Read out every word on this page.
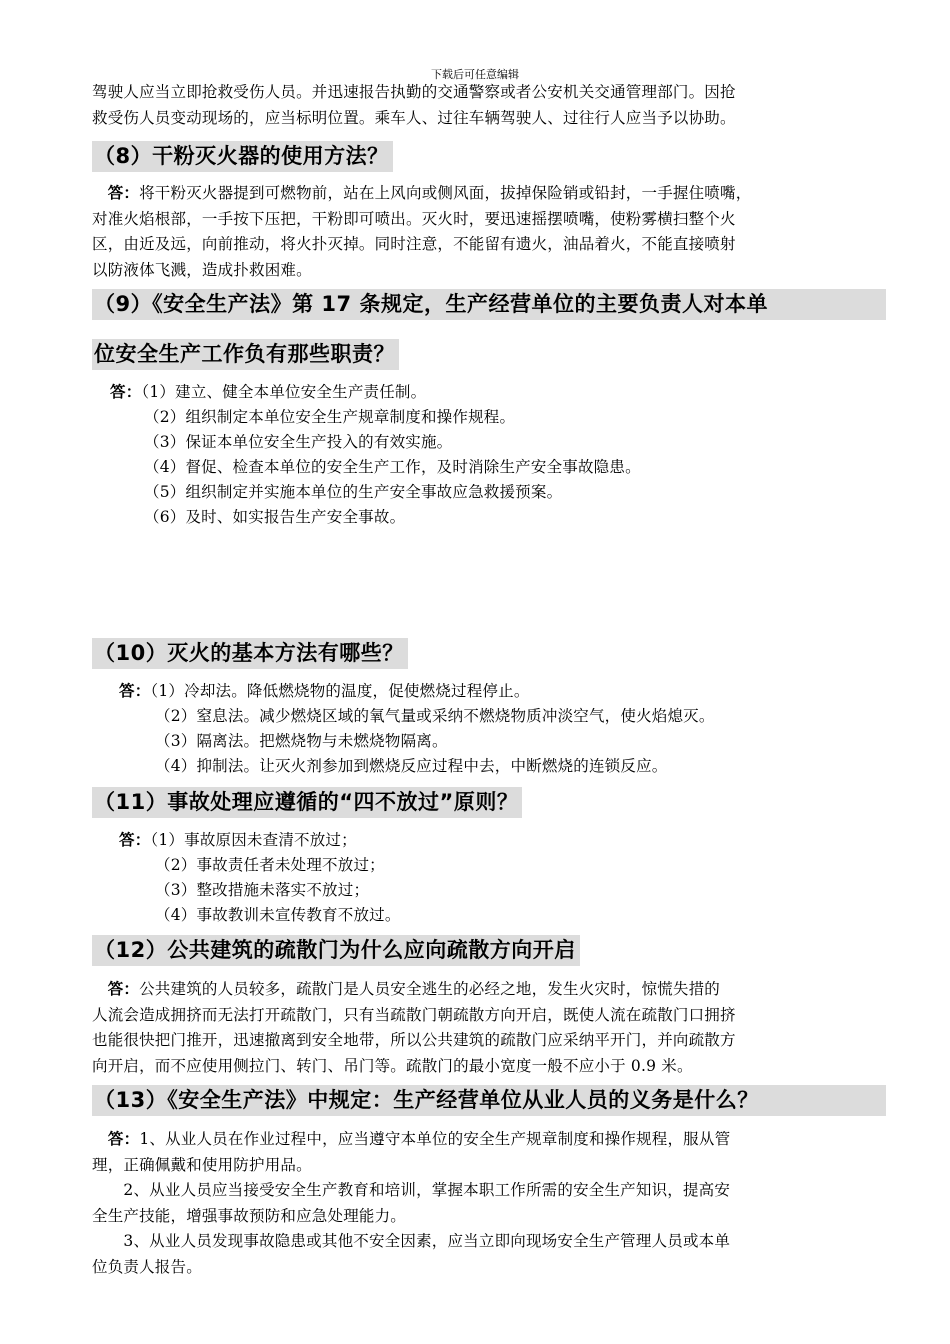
下载后可任意编辑
驾驶人应当立即抢救受伤人员。并迅速报告执勤的交通警察或者公安机关交通管理部门。因抢
救受伤人员变动现场的，应当标明位置。乘车人、过往车辆驾驶人、过往行人应当予以协助。
（8）干粉灭火器的使用方法？
　答：将干粉灭火器提到可燃物前，站在上风向或侧风面，拔掉保险销或铅封，一手握住喷嘴，
对准火焰根部，一手按下压把，干粉即可喷出。灭火时，要迅速摇摆喷嘴，使粉雾横扫整个火
区，由近及远，向前推动，将火扑灭掉。同时注意，不能留有遗火，油品着火，不能直接喷射
以防液体飞溅，造成扑救困难。
（9）《安全生产法》第 17 条规定，生产经营单位的主要负责人对本单
位安全生产工作负有那些职责？
答：（1）建立、健全本单位安全生产责任制。
（2）组织制定本单位安全生产规章制度和操作规程。
（3）保证本单位安全生产投入的有效实施。
（4）督促、检查本单位的安全生产工作，及时消除生产安全事故隐患。
（5）组织制定并实施本单位的生产安全事故应急救援预案。
（6）及时、如实报告生产安全事故。
（10）灭火的基本方法有哪些？
答：（1）冷却法。降低燃烧物的温度，促使燃烧过程停止。
（2）窒息法。减少燃烧区域的氧气量或采纳不燃烧物质冲淡空气，使火焰熄灭。
（3）隔离法。把燃烧物与未燃烧物隔离。
（4）抑制法。让灭火剂参加到燃烧反应过程中去，中断燃烧的连锁反应。
（11）事故处理应遵循的“四不放过”原则？
答：（1）事故原因未查清不放过；
（2）事故责任者未处理不放过；
（3）整改措施未落实不放过；
（4）事故教训未宣传教育不放过。
（12）公共建筑的疏散门为什么应向疏散方向开启
　答：公共建筑的人员较多，疏散门是人员安全逃生的必经之地，发生火灾时，惊慌失措的
人流会造成拥挤而无法打开疏散门，只有当疏散门朝疏散方向开启，既使人流在疏散门口拥挤
也能很快把门推开，迅速撤离到安全地带，所以公共建筑的疏散门应采纳平开门，并向疏散方
向开启，而不应使用侧拉门、转门、吊门等。疏散门的最小宽度一般不应小于 0.9 米。
（13）《安全生产法》中规定：生产经营单位从业人员的义务是什么？
  答：1、从业人员在作业过程中，应当遵守本单位的安全生产规章制度和操作规程，服从管
理，正确佩戴和使用防护用品。
　　2、从业人员应当接受安全生产教育和培训，掌握本职工作所需的安全生产知识，提高安
全生产技能，增强事故预防和应急处理能力。
　　3、从业人员发现事故隐患或其他不安全因素，应当立即向现场安全生产管理人员或本单
位负责人报告。
